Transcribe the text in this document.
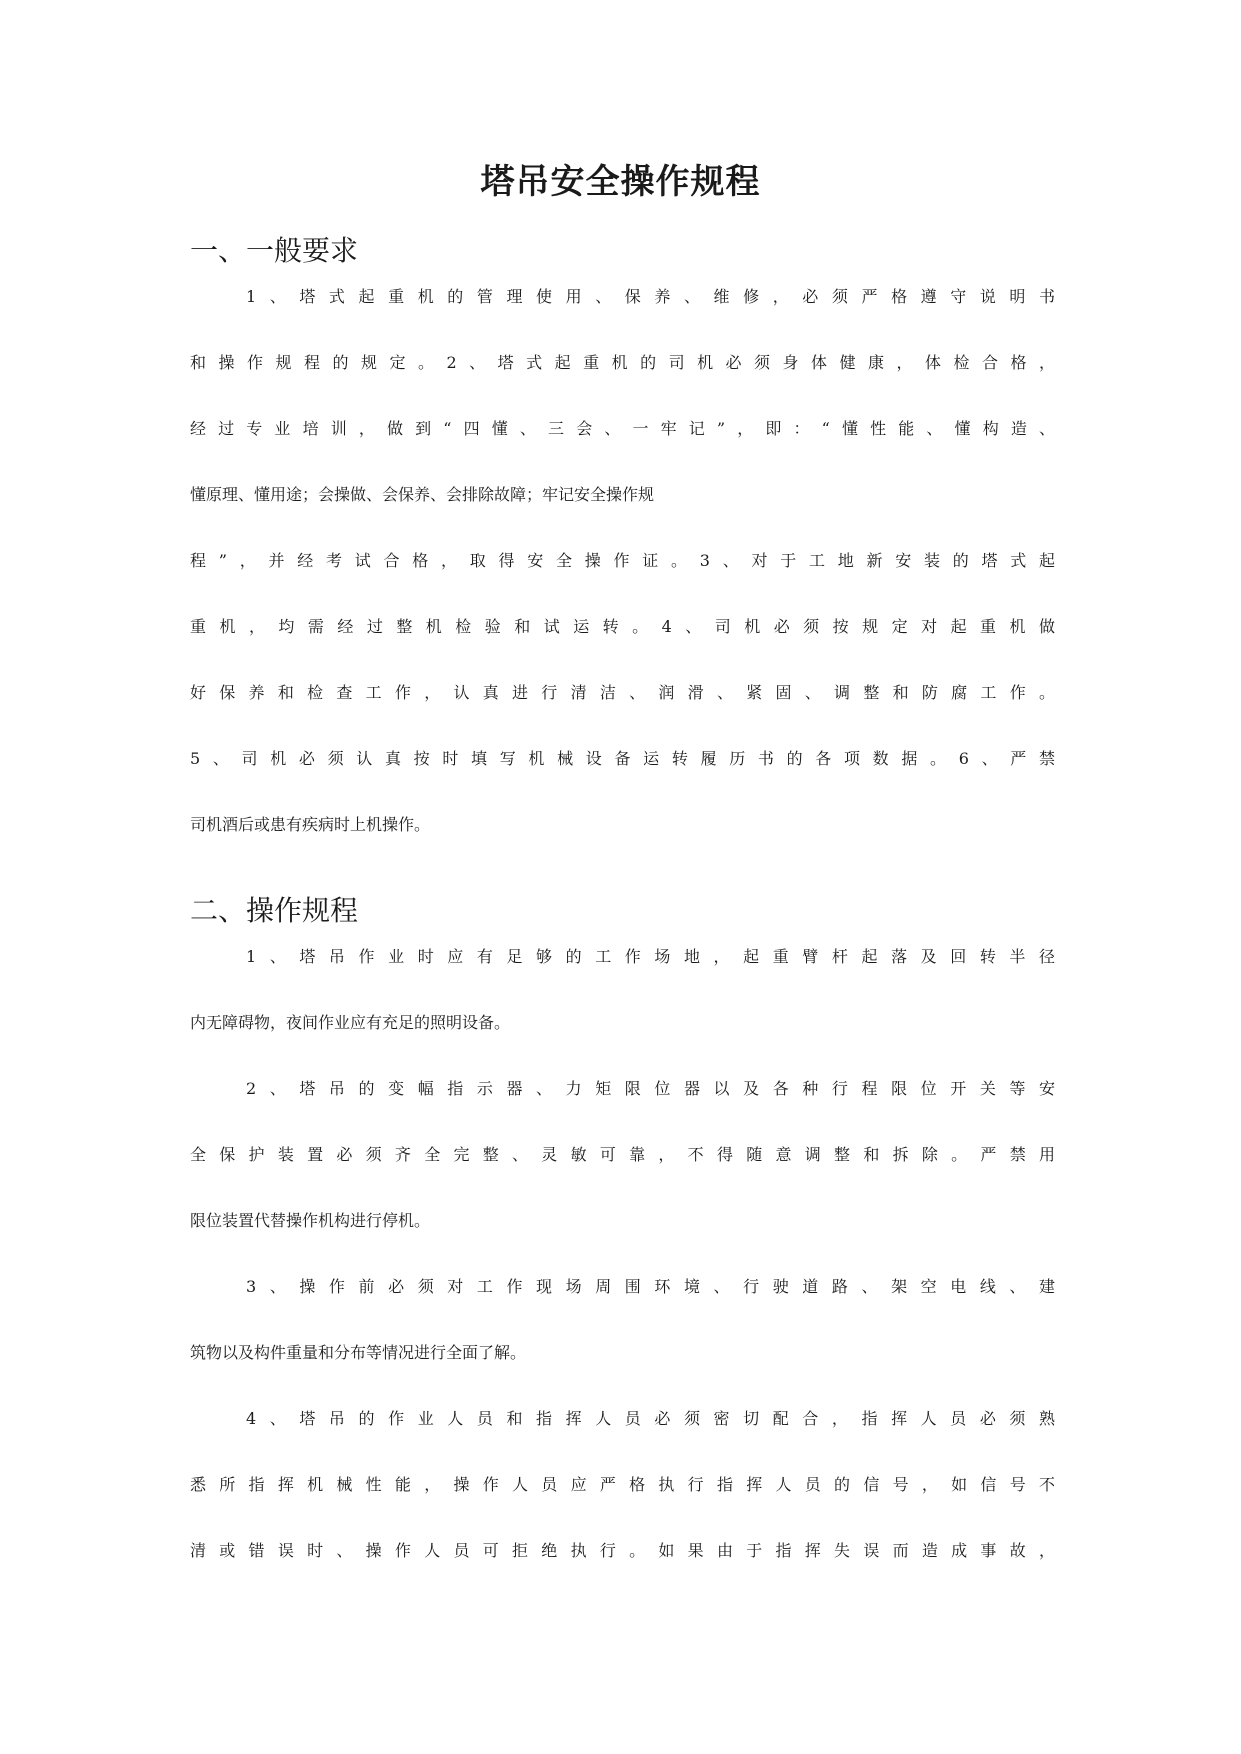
塔吊安全操作规程
一、一般要求
1、塔式起重机的管理使用、保养、维修，必须严格遵守说明书
和操作规程的规定。2、塔式起重机的司机必须身体健康，体检合格，
经过专业培训，做到“四懂、三会、一牢记”，即：“懂性能、懂构造、
懂原理、懂用途；会操做、会保养、会排除故障；牢记安全操作规
程”，并经考试合格，取得安全操作证。3、对于工地新安装的塔式起
重机，均需经过整机检验和试运转。4、司机必须按规定对起重机做
好保养和检查工作，认真进行清洁、润滑、紧固、调整和防腐工作。
5、司机必须认真按时填写机械设备运转履历书的各项数据。6、严禁
司机酒后或患有疾病时上机操作。
二、操作规程
1、塔吊作业时应有足够的工作场地，起重臂杆起落及回转半径
内无障碍物，夜间作业应有充足的照明设备。
2、塔吊的变幅指示器、力矩限位器以及各种行程限位开关等安
全保护装置必须齐全完整、灵敏可靠，不得随意调整和拆除。严禁用
限位装置代替操作机构进行停机。
3、操作前必须对工作现场周围环境、行驶道路、架空电线、建
筑物以及构件重量和分布等情况进行全面了解。
4、塔吊的作业人员和指挥人员必须密切配合，指挥人员必须熟
悉所指挥机械性能，操作人员应严格执行指挥人员的信号，如信号不
清或错误时、操作人员可拒绝执行。如果由于指挥失误而造成事故，
